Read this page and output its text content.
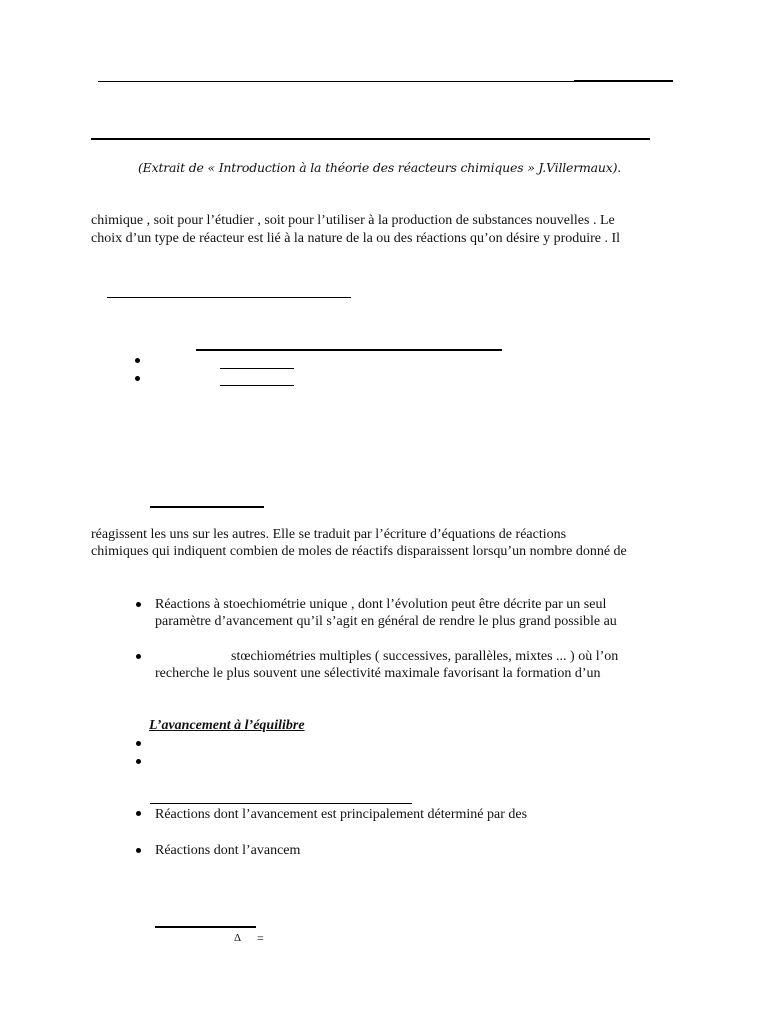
(Extrait de « Introduction à la théorie des réacteurs chimiques » J.Villermaux).
chimique , soit pour l’étudier , soit pour l’utiliser à la production de substances nouvelles . Le
choix d’un type de réacteur est lié à la nature de la ou des réactions qu’on désire y produire . Il
réagissent les uns sur les autres. Elle se traduit par l’écriture d’équations de réactions
chimiques qui indiquent combien de moles de réactifs disparaissent lorsqu’un nombre donné de
Réactions à stoechiométrie unique , dont l’évolution peut être décrite par un seul
paramètre d’avancement qu’il s’agit en général de rendre le plus grand possible au
stœchiométries multiples ( successives, parallèles, mixtes ... ) où l’on
recherche le plus souvent une sélectivité maximale favorisant la formation d’un
L’avancement à l’équilibre
Réactions dont l’avancement est principalement déterminé par des
Réactions dont l’avancem
Δ =
